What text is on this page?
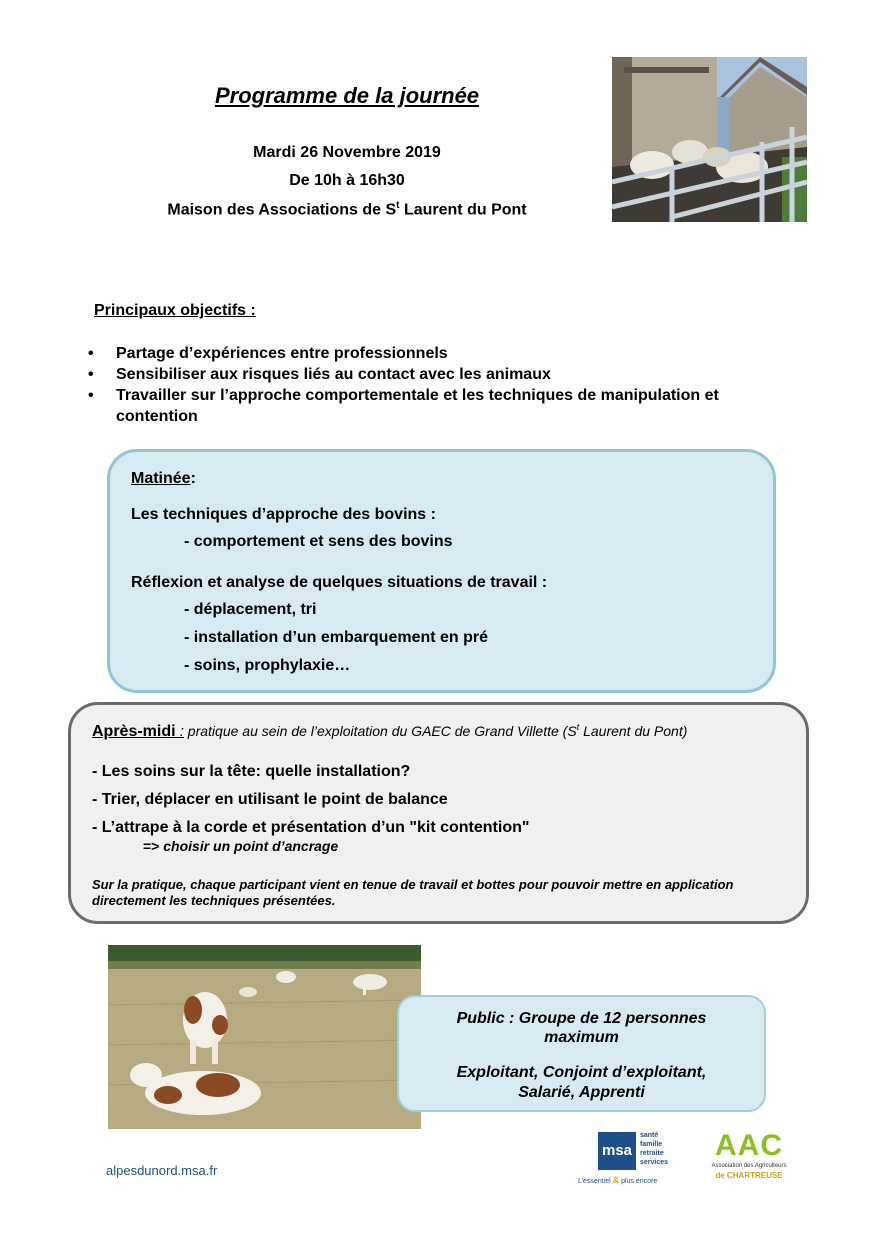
Programme de la journée
Mardi 26 Novembre 2019
De 10h à 16h30
Maison des Associations de $S^t$ Laurent du Pont
Principaux objectifs :
• Partage d’expériences entre professionnels
• Sensibiliser aux risques liés au contact avec les animaux
• Travailler sur l’approche comportementale et les techniques de manipulation et contention
Matinée:
Les techniques d’approche des bovins :
- comportement et sens des bovins
Réflexion et analyse de quelques situations de travail :
- déplacement, tri
- installation d’un embarquement en pré
- soins, prophylaxie…
Après-midi : pratique au sein de l’exploitation du GAEC de Grand Villette ($S^t$ Laurent du Pont)
- Les soins sur la tête: quelle installation?
- Trier, déplacer en utilisant le point de balance
- L’attrape à la corde et présentation d’un "kit contention"
=> choisir un point d’ancrage
Sur la pratique, chaque participant vient en tenue de travail et bottes pour pouvoir mettre en application directement les techniques présentées.
Public : Groupe de 12 personnes
maximum
Exploitant, Conjoint d’exploitant,
Salarié, Apprenti
alpesdunord.msa.fr
msa
santé
famille
retraite
services
L’essentiel & plus encore
AAC
Association des Agriculteurs
de CHARTREUSE
